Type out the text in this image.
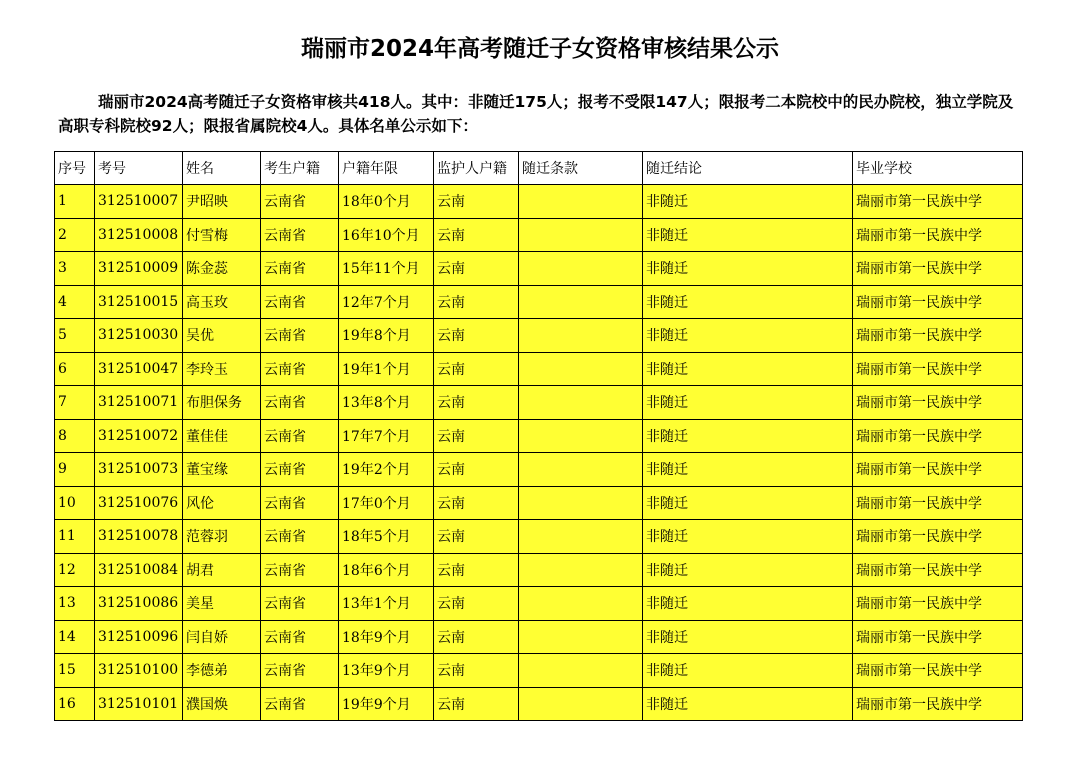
瑞丽市2024年高考随迁子女资格审核结果公示

瑞丽市2024高考随迁子女资格审核共418人。其中：非随迁175人；报考不受限147人；限报考二本院校中的民办院校，独立学院及高职专科院校92人；限报省属院校4人。具体名单公示如下：

序号	考号	姓名	考生户籍	户籍年限	监护人户籍	随迁条款	随迁结论	毕业学校
1	312510007	尹昭映	云南省	18年0个月	云南		非随迁	瑞丽市第一民族中学
2	312510008	付雪梅	云南省	16年10个月	云南		非随迁	瑞丽市第一民族中学
3	312510009	陈金蕊	云南省	15年11个月	云南		非随迁	瑞丽市第一民族中学
4	312510015	高玉玫	云南省	12年7个月	云南		非随迁	瑞丽市第一民族中学
5	312510030	吴优	云南省	19年8个月	云南		非随迁	瑞丽市第一民族中学
6	312510047	李玲玉	云南省	19年1个月	云南		非随迁	瑞丽市第一民族中学
7	312510071	布胆保务	云南省	13年8个月	云南		非随迁	瑞丽市第一民族中学
8	312510072	董佳佳	云南省	17年7个月	云南		非随迁	瑞丽市第一民族中学
9	312510073	董宝缘	云南省	19年2个月	云南		非随迁	瑞丽市第一民族中学
10	312510076	风伦	云南省	17年0个月	云南		非随迁	瑞丽市第一民族中学
11	312510078	范蓉羽	云南省	18年5个月	云南		非随迁	瑞丽市第一民族中学
12	312510084	胡君	云南省	18年6个月	云南		非随迁	瑞丽市第一民族中学
13	312510086	美星	云南省	13年1个月	云南		非随迁	瑞丽市第一民族中学
14	312510096	闫自娇	云南省	18年9个月	云南		非随迁	瑞丽市第一民族中学
15	312510100	李德弟	云南省	13年9个月	云南		非随迁	瑞丽市第一民族中学
16	312510101	濮国焕	云南省	19年9个月	云南		非随迁	瑞丽市第一民族中学
